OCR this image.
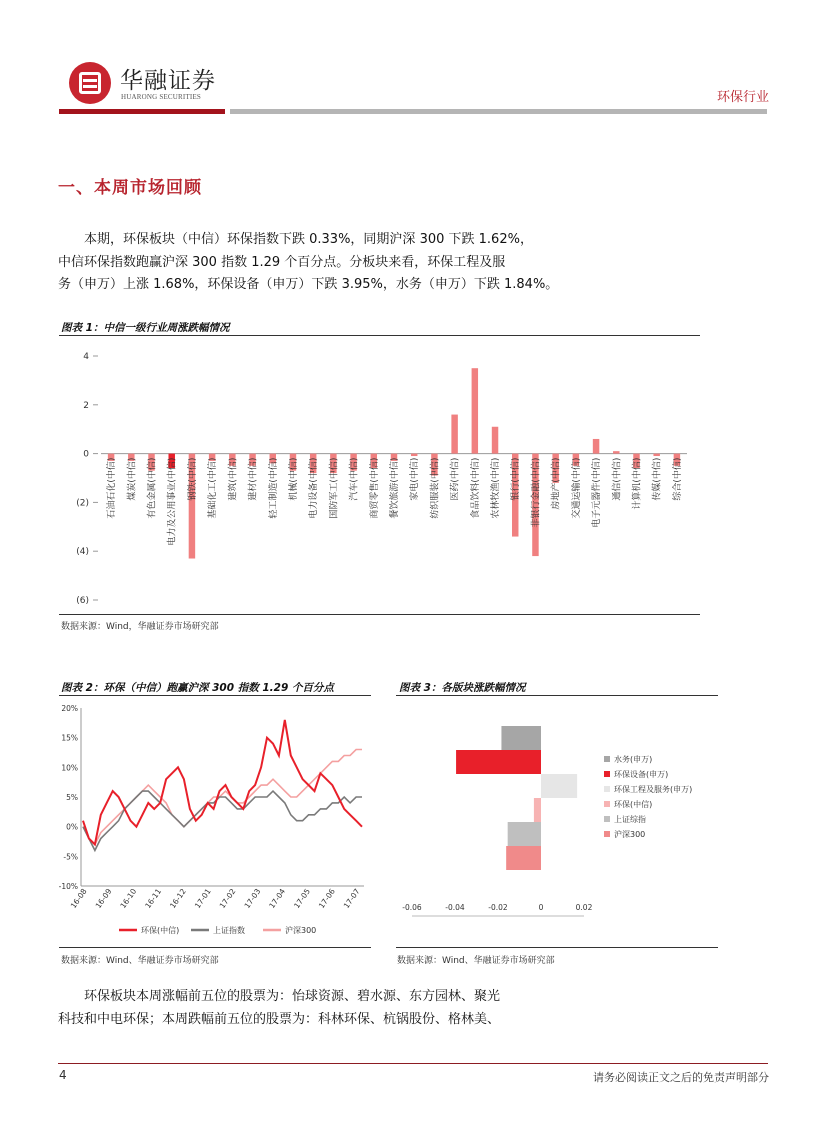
华融证券
HUARONG SECURITIES	环保行业
一、本周市场回顾
本期，环保板块（中信）环保指数下跌 0.33%，同期沪深 300 下跌 1.62%，
中信环保指数跑赢沪深 300 指数 1.29 个百分点。分板块来看，环保工程及服
务（申万）上涨 1.68%，环保设备（申万）下跌 3.95%，水务（申万）下跌 1.84%。
图表 1：中信一级行业周涨跌幅情况
4
2
0
(2)
(4)
(6)
石油石化(中信) 煤炭(中信) 有色金属(中信) 电力及公用事业(中信) 钢铁(中信) 基础化工(中信) 建筑(中信) 建材(中信) 轻工制造(中信) 机械(中信) 电力设备(中信) 国防军工(中信) 汽车(中信) 商贸零售(中信) 餐饮旅游(中信) 家电(中信) 纺织服装(中信) 医药(中信) 食品饮料(中信) 农林牧渔(中信) 银行(中信) 非银行金融(中信) 房地产(中信) 交通运输(中信) 电子元器件(中信) 通信(中信) 计算机(中信) 传媒(中信) 综合(中信)
数据来源：Wind，华融证券市场研究部
图表 2：环保（中信）跑赢沪深 300 指数 1.29 个百分点
20%
15%
10%
5%
0%
-5%
-10%
16-08 16-09 16-10 16-11 16-12 17-01 17-02 17-03 17-04 17-05 17-06 17-07
环保(中信)	上证指数	沪深300
数据来源：Wind、华融证券市场研究部
图表 3：各版块涨跌幅情况
-0.06	-0.04	-0.02	0	0.02
水务(申万)
环保设备(申万)
环保工程及服务(申万)
环保(中信)
上证综指
沪深300
数据来源：Wind、华融证券市场研究部
环保板块本周涨幅前五位的股票为：怡球资源、碧水源、东方园林、聚光
科技和中电环保；本周跌幅前五位的股票为：科林环保、杭锅股份、格林美、
4	请务必阅读正文之后的免责声明部分
